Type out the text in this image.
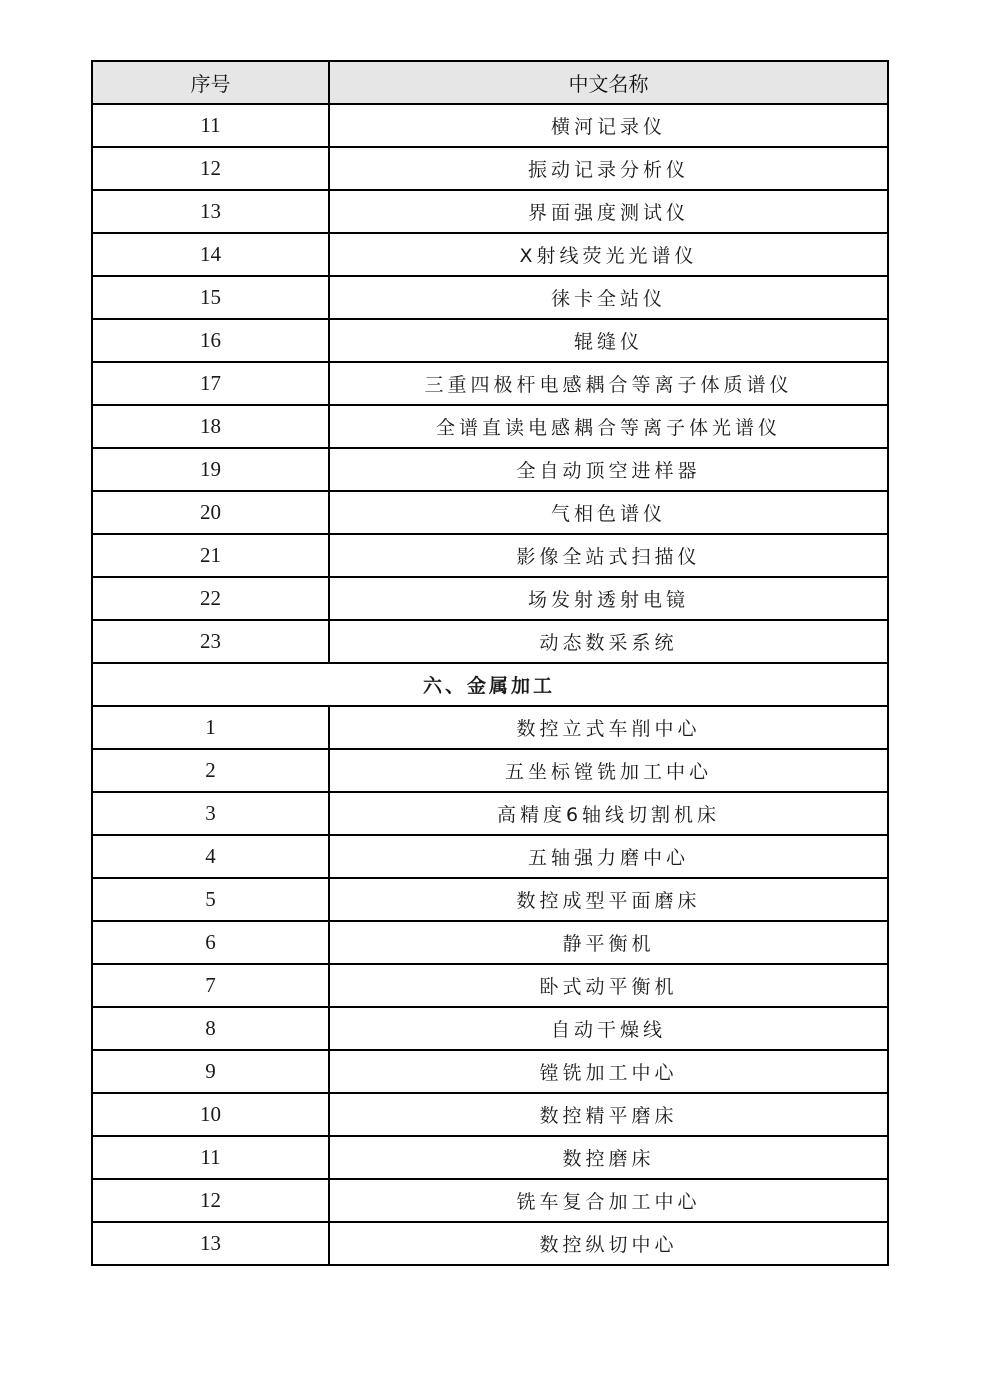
序号	中文名称
11	横河记录仪
12	振动记录分析仪
13	界面强度测试仪
14	X射线荧光光谱仪
15	徕卡全站仪
16	辊缝仪
17	三重四极杆电感耦合等离子体质谱仪
18	全谱直读电感耦合等离子体光谱仪
19	全自动顶空进样器
20	气相色谱仪
21	影像全站式扫描仪
22	场发射透射电镜
23	动态数采系统
六、金属加工	
1	数控立式车削中心
2	五坐标镗铣加工中心
3	高精度6轴线切割机床
4	五轴强力磨中心
5	数控成型平面磨床
6	静平衡机
7	卧式动平衡机
8	自动干燥线
9	镗铣加工中心
10	数控精平磨床
11	数控磨床
12	铣车复合加工中心
13	数控纵切中心
